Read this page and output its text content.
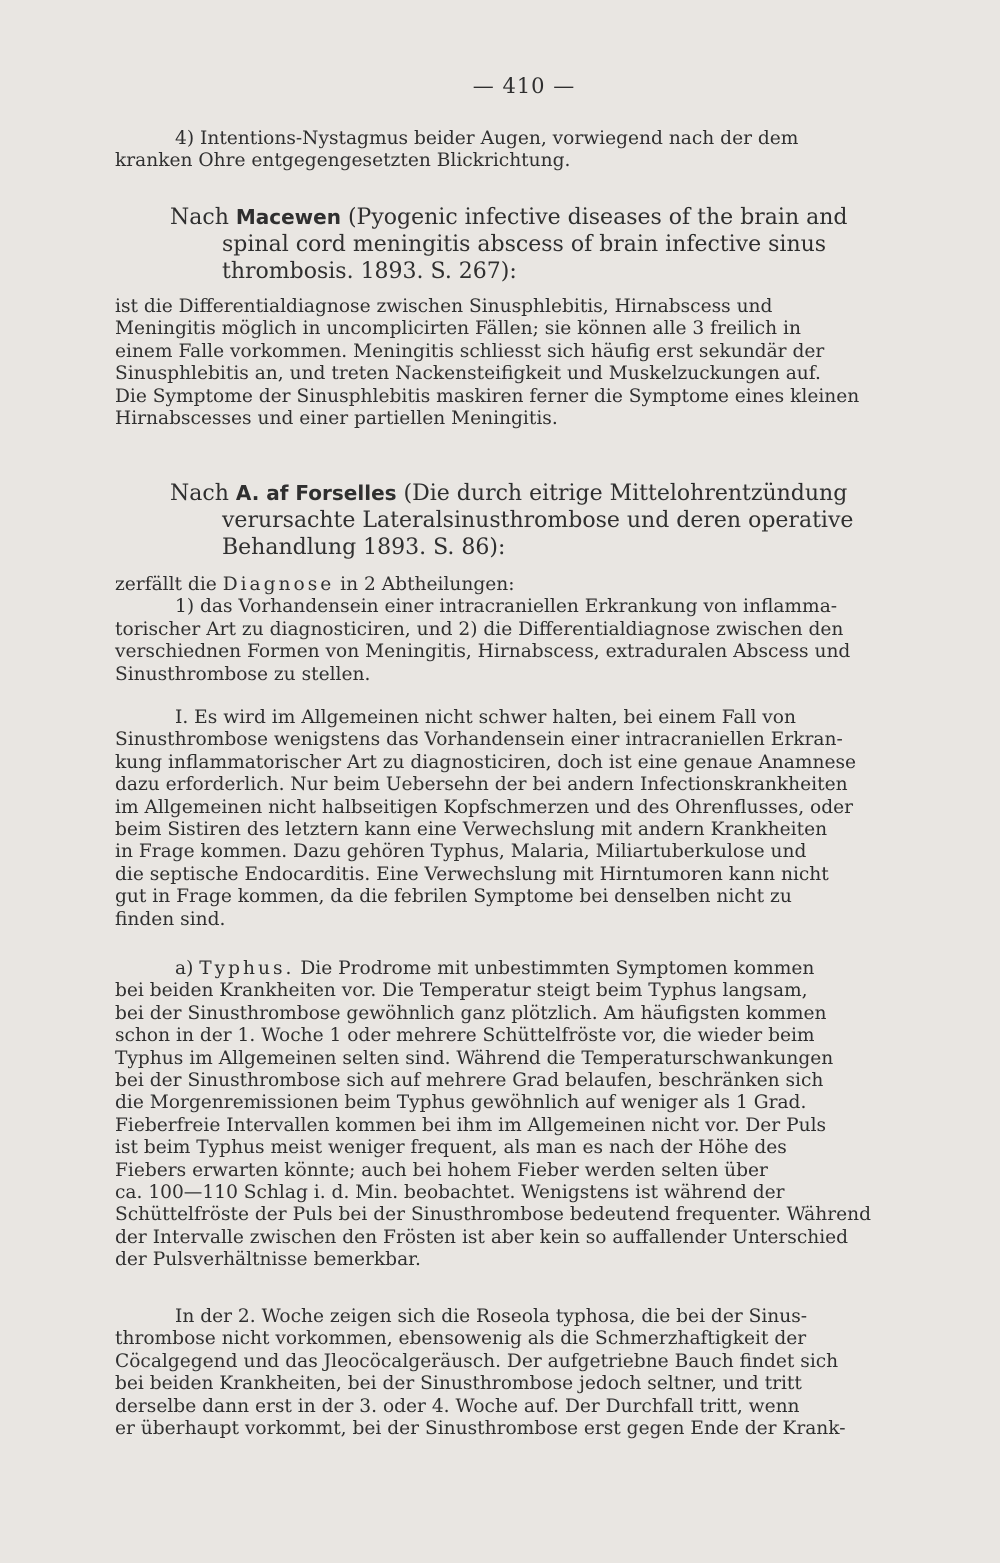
— 410 —
4) Intentions-Nystagmus beider Augen, vorwiegend nach der dem
kranken Ohre entgegengesetzten Blickrichtung.
Nach Macewen (Pyogenic infective diseases of the brain and spinal cord meningitis abscess of brain infective sinus thrombosis. 1893. S. 267):
ist die Differentialdiagnose zwischen Sinusphlebitis, Hirnabscess und
Meningitis möglich in uncomplicirten Fällen; sie können alle 3 freilich in
einem Falle vorkommen. Meningitis schliesst sich häufig erst sekundär der
Sinusphlebitis an, und treten Nackensteifigkeit und Muskelzuckungen auf.
Die Symptome der Sinusphlebitis maskiren ferner die Symptome eines kleinen
Hirnabscesses und einer partiellen Meningitis.
Nach A. af Forselles (Die durch eitrige Mittelohrentzündung verursachte Lateralsinusthrombose und deren operative Behandlung 1893. S. 86):
zerfällt die Diagnose in 2 Abtheilungen:
1) das Vorhandensein einer intracraniellen Erkrankung von inflamma-
torischer Art zu diagnosticiren, und 2) die Differentialdiagnose zwischen den
verschiednen Formen von Meningitis, Hirnabscess, extraduralen Abscess und
Sinusthrombose zu stellen.
I. Es wird im Allgemeinen nicht schwer halten, bei einem Fall von
Sinusthrombose wenigstens das Vorhandensein einer intracraniellen Erkran-
kung inflammatorischer Art zu diagnosticiren, doch ist eine genaue Anamnese
dazu erforderlich. Nur beim Uebersehn der bei andern Infectionskrankheiten
im Allgemeinen nicht halbseitigen Kopfschmerzen und des Ohrenflusses, oder
beim Sistiren des letztern kann eine Verwechslung mit andern Krankheiten
in Frage kommen. Dazu gehören Typhus, Malaria, Miliartuberkulose und
die septische Endocarditis. Eine Verwechslung mit Hirntumoren kann nicht
gut in Frage kommen, da die febrilen Symptome bei denselben nicht zu
finden sind.
a) Typhus. Die Prodrome mit unbestimmten Symptomen kommen
bei beiden Krankheiten vor. Die Temperatur steigt beim Typhus langsam,
bei der Sinusthrombose gewöhnlich ganz plötzlich. Am häufigsten kommen
schon in der 1. Woche 1 oder mehrere Schüttelfröste vor, die wieder beim
Typhus im Allgemeinen selten sind. Während die Temperaturschwankungen
bei der Sinusthrombose sich auf mehrere Grad belaufen, beschränken sich
die Morgenremissionen beim Typhus gewöhnlich auf weniger als 1 Grad.
Fieberfreie Intervallen kommen bei ihm im Allgemeinen nicht vor. Der Puls
ist beim Typhus meist weniger frequent, als man es nach der Höhe des
Fiebers erwarten könnte; auch bei hohem Fieber werden selten über
ca. 100—110 Schlag i. d. Min. beobachtet. Wenigstens ist während der
Schüttelfröste der Puls bei der Sinusthrombose bedeutend frequenter. Während
der Intervalle zwischen den Frösten ist aber kein so auffallender Unterschied
der Pulsverhältnisse bemerkbar.
In der 2. Woche zeigen sich die Roseola typhosa, die bei der Sinus-
thrombose nicht vorkommen, ebensowenig als die Schmerzhaftigkeit der
Cöcalgegend und das Jleocöcalgeräusch. Der aufgetriebne Bauch findet sich
bei beiden Krankheiten, bei der Sinusthrombose jedoch seltner, und tritt
derselbe dann erst in der 3. oder 4. Woche auf. Der Durchfall tritt, wenn
er überhaupt vorkommt, bei der Sinusthrombose erst gegen Ende der Krank-
